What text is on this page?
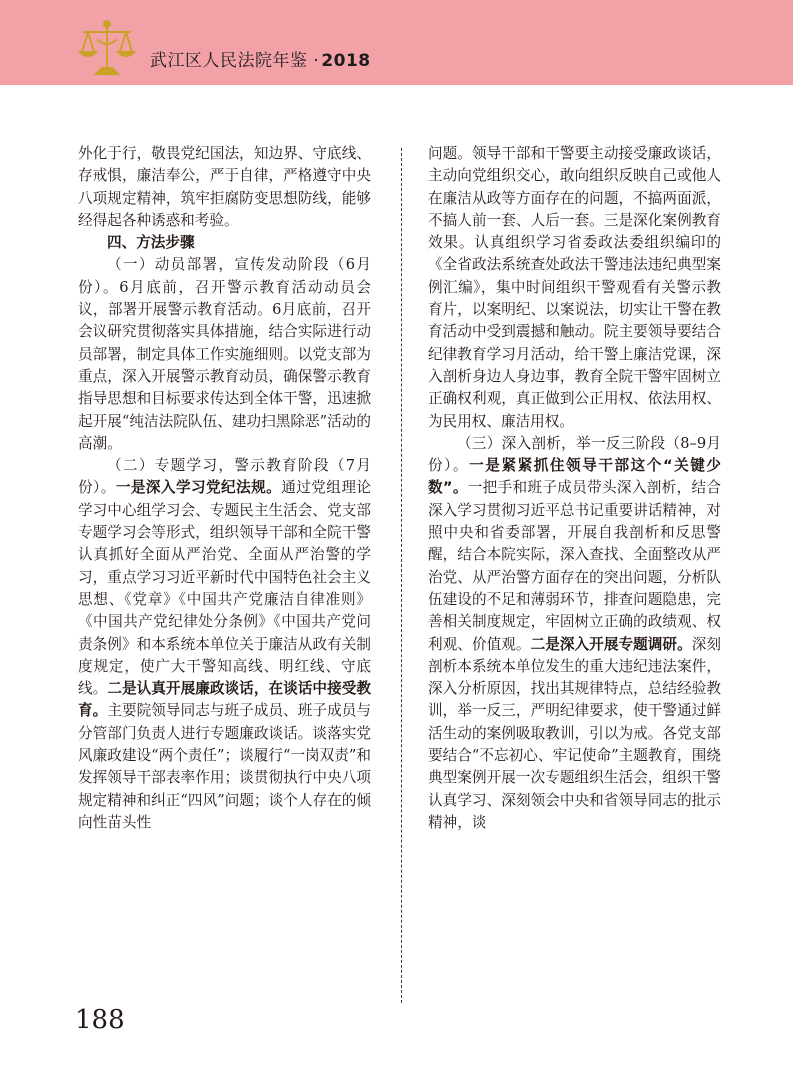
武江区人民法院年鉴 · 2018

外化于行，敬畏党纪国法，知边界、守底线、存戒惧，廉洁奉公，严于自律，严格遵守中央八项规定精神，筑牢拒腐防变思想防线，能够经得起各种诱惑和考验。

四、方法步骤

（一）动员部署，宣传发动阶段（6月份）。6月底前，召开警示教育活动动员会议，部署开展警示教育活动。6月底前，召开会议研究贯彻落实具体措施，结合实际进行动员部署，制定具体工作实施细则。以党支部为重点，深入开展警示教育动员，确保警示教育指导思想和目标要求传达到全体干警，迅速掀起开展“纯洁法院队伍、建功扫黑除恶”活动的高潮。

（二）专题学习，警示教育阶段（7月份）。一是深入学习党纪法规。通过党组理论学习中心组学习会、专题民主生活会、党支部专题学习会等形式，组织领导干部和全院干警认真抓好全面从严治党、全面从严治警的学习，重点学习习近平新时代中国特色社会主义思想、《党章》《中国共产党廉洁自律准则》《中国共产党纪律处分条例》《中国共产党问责条例》和本系统本单位关于廉洁从政有关制度规定，使广大干警知高线、明红线、守底线。二是认真开展廉政谈话，在谈话中接受教育。主要院领导同志与班子成员、班子成员与分管部门负责人进行专题廉政谈话。谈落实党风廉政建设“两个责任”；谈履行“一岗双责”和发挥领导干部表率作用；谈贯彻执行中央八项规定精神和纠正“四风”问题；谈个人存在的倾向性苗头性

问题。领导干部和干警要主动接受廉政谈话，主动向党组织交心，敢向组织反映自己或他人在廉洁从政等方面存在的问题，不搞两面派，不搞人前一套、人后一套。三是深化案例教育效果。认真组织学习省委政法委组织编印的《全省政法系统查处政法干警违法违纪典型案例汇编》，集中时间组织干警观看有关警示教育片，以案明纪、以案说法，切实让干警在教育活动中受到震撼和触动。院主要领导要结合纪律教育学习月活动，给干警上廉洁党课，深入剖析身边人身边事，教育全院干警牢固树立正确权利观，真正做到公正用权、依法用权、为民用权、廉洁用权。

（三）深入剖析，举一反三阶段（8–9月份）。一是紧紧抓住领导干部这个“关键少数”。一把手和班子成员带头深入剖析，结合深入学习贯彻习近平总书记重要讲话精神，对照中央和省委部署，开展自我剖析和反思警醒，结合本院实际，深入查找、全面整改从严治党、从严治警方面存在的突出问题，分析队伍建设的不足和薄弱环节，排查问题隐患，完善相关制度规定，牢固树立正确的政绩观、权利观、价值观。二是深入开展专题调研。深刻剖析本系统本单位发生的重大违纪违法案件，深入分析原因，找出其规律特点，总结经验教训，举一反三，严明纪律要求，使干警通过鲜活生动的案例吸取教训，引以为戒。各党支部要结合“不忘初心、牢记使命”主题教育，围绕典型案例开展一次专题组织生活会，组织干警认真学习、深刻领会中央和省领导同志的批示精神，谈

188
